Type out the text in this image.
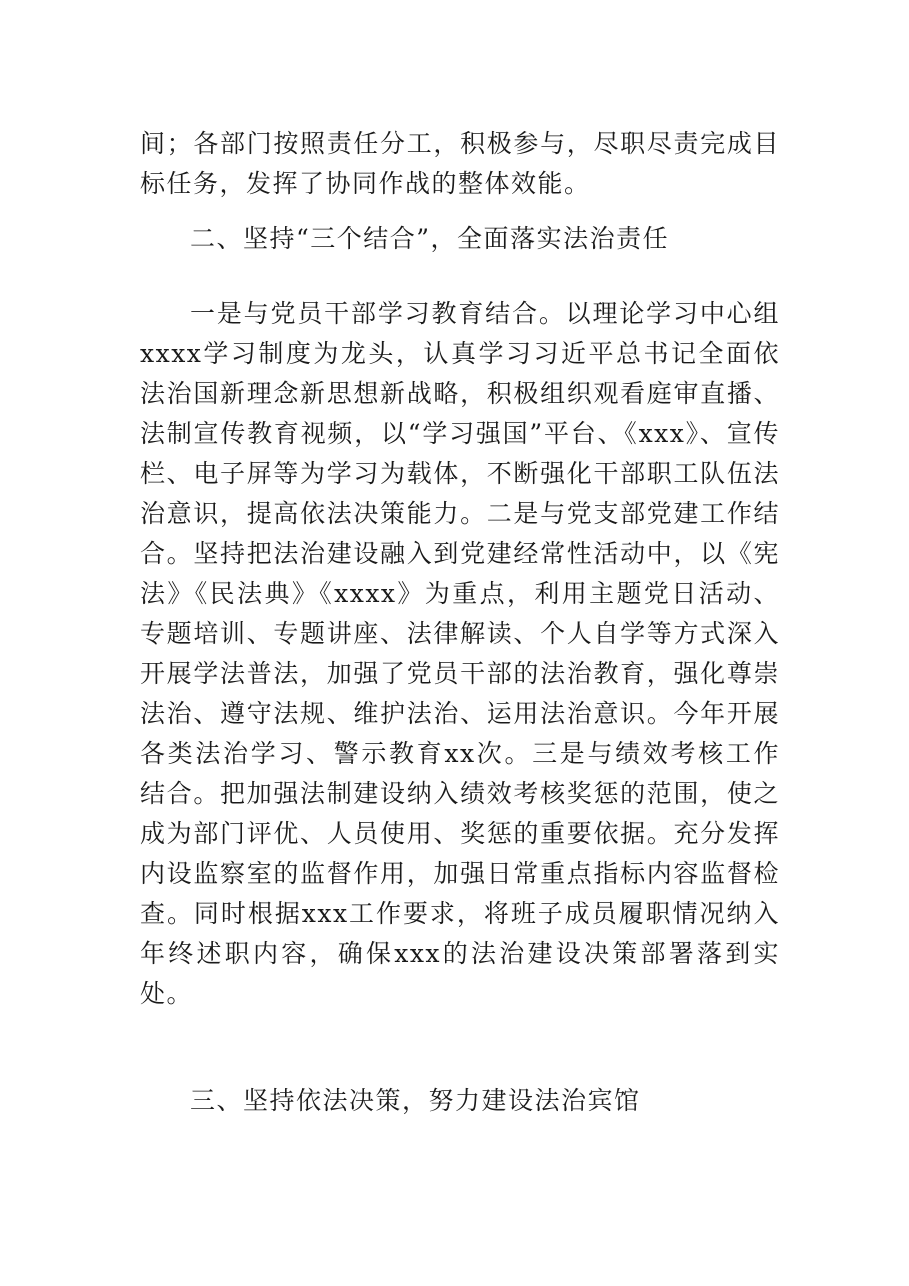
间；各部门按照责任分工，积极参与，尽职尽责完成目标任务，发挥了协同作战的整体效能。

二、坚持“三个结合”，全面落实法治责任

一是与党员干部学习教育结合。以理论学习中心组xxxx学习制度为龙头，认真学习习近平总书记全面依法治国新理念新思想新战略，积极组织观看庭审直播、法制宣传教育视频，以“学习强国”平台、《xxx》、宣传栏、电子屏等为学习为载体，不断强化干部职工队伍法治意识，提高依法决策能力。二是与党支部党建工作结合。坚持把法治建设融入到党建经常性活动中，以《宪法》《民法典》《xxxx》为重点，利用主题党日活动、专题培训、专题讲座、法律解读、个人自学等方式深入开展学法普法，加强了党员干部的法治教育，强化尊崇法治、遵守法规、维护法治、运用法治意识。今年开展各类法治学习、警示教育xx次。三是与绩效考核工作结合。把加强法制建设纳入绩效考核奖惩的范围，使之成为部门评优、人员使用、奖惩的重要依据。充分发挥内设监察室的监督作用，加强日常重点指标内容监督检查。同时根据xxx工作要求，将班子成员履职情况纳入年终述职内容，确保xxx的法治建设决策部署落到实处。

三、坚持依法决策，努力建设法治宾馆
